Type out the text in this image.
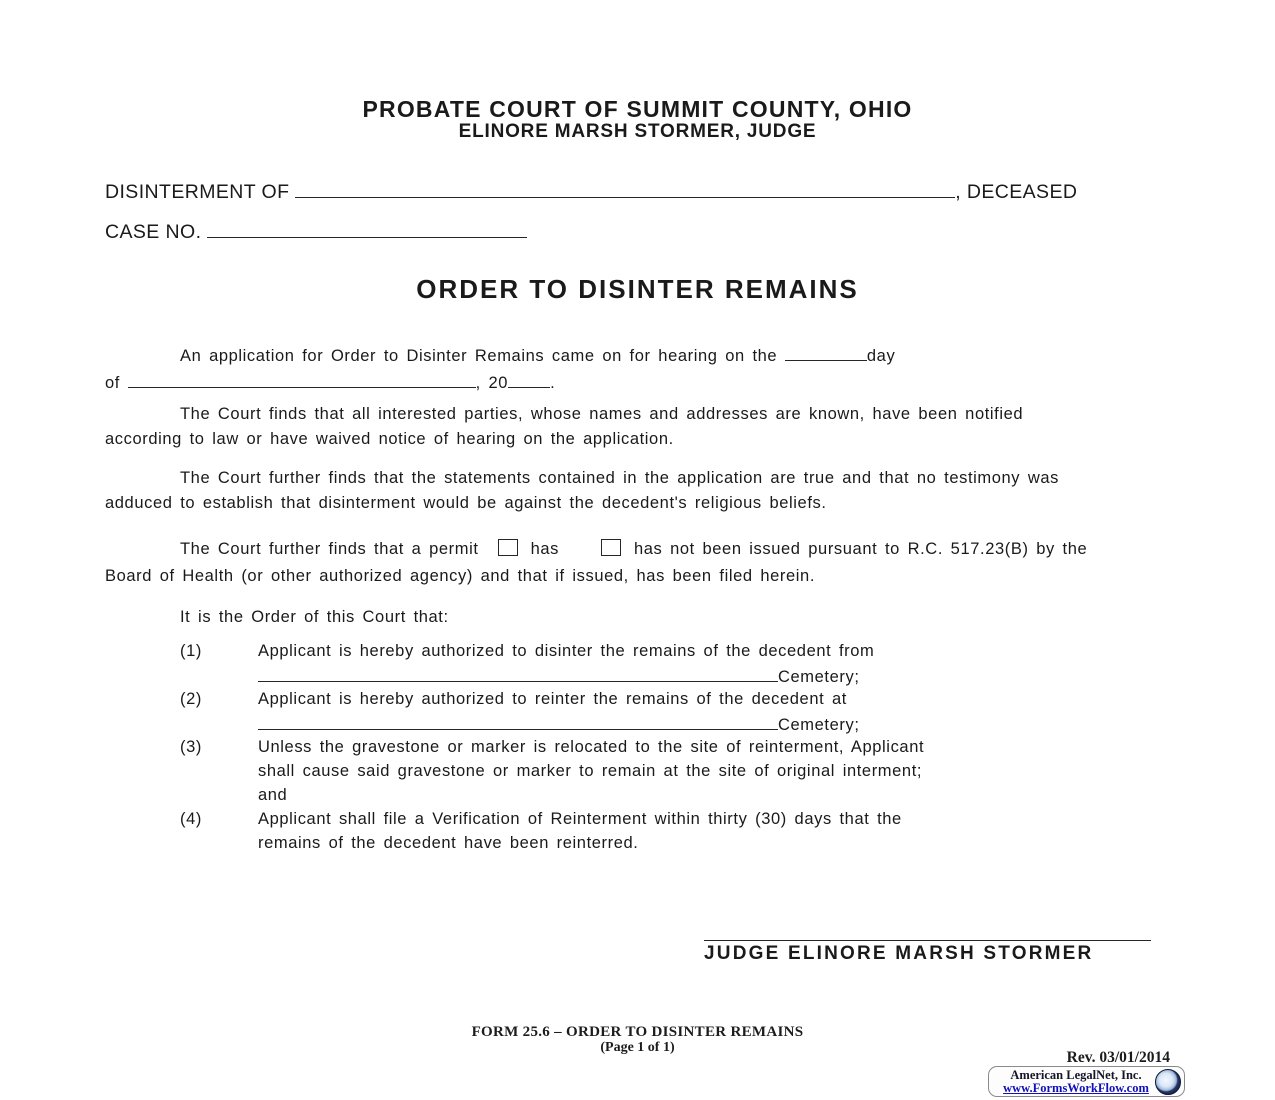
PROBATE COURT OF SUMMIT COUNTY, OHIO
ELINORE MARSH STORMER, JUDGE
DISINTERMENT OF	, DECEASED
CASE NO.
ORDER TO DISINTER REMAINS
An application for Order to Disinter Remains came on for hearing on the	day
of	, 20	.
The Court finds that all interested parties, whose names and addresses are known, have been notified
according to law or have waived notice of hearing on the application.
The Court further finds that the statements contained in the application are true and that no testimony was
adduced to establish that disinterment would be against the decedent's religious beliefs.
The Court further finds that a permit	has	has not been issued pursuant to R.C. 517.23(B) by the
Board of Health (or other authorized agency) and that if issued, has been filed herein.
It is the Order of this Court that:
(1)	Applicant is hereby authorized to disinter the remains of the decedent from
Cemetery;
(2)	Applicant is hereby authorized to reinter the remains of the decedent at
Cemetery;
(3)	Unless the gravestone or marker is relocated to the site of reinterment, Applicant
shall cause said gravestone or marker to remain at the site of original interment;
and
(4)	Applicant shall file a Verification of Reinterment within thirty (30) days that the
remains of the decedent have been reinterred.
JUDGE ELINORE MARSH STORMER
FORM 25.6 – ORDER TO DISINTER REMAINS
(Page 1 of 1)
Rev. 03/01/2014
American LegalNet, Inc.
www.FormsWorkFlow.com
